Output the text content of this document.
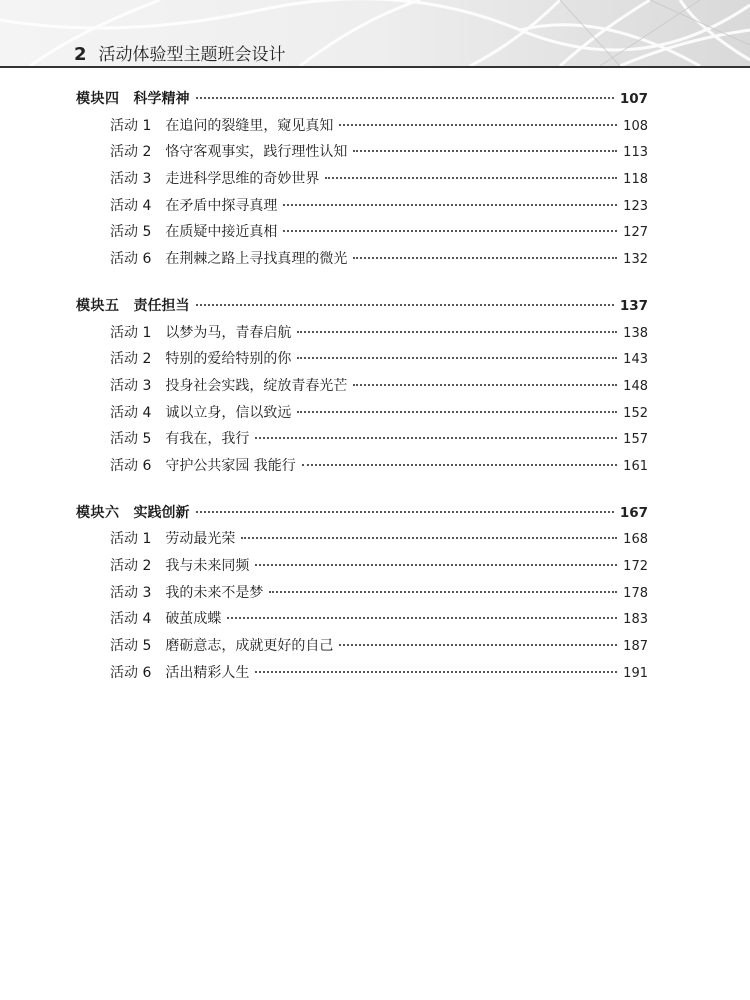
2 活动体验型主题班会设计
模块四 科学精神	107
活动 1 在追问的裂缝里，窥见真知	108
活动 2 恪守客观事实，践行理性认知	113
活动 3 走进科学思维的奇妙世界	118
活动 4 在矛盾中探寻真理	123
活动 5 在质疑中接近真相	127
活动 6 在荆棘之路上寻找真理的微光	132
模块五 责任担当	137
活动 1 以梦为马，青春启航	138
活动 2 特别的爱给特别的你	143
活动 3 投身社会实践，绽放青春光芒	148
活动 4 诚以立身，信以致远	152
活动 5 有我在，我行	157
活动 6 守护公共家园 我能行	161
模块六 实践创新	167
活动 1 劳动最光荣	168
活动 2 我与未来同频	172
活动 3 我的未来不是梦	178
活动 4 破茧成蝶	183
活动 5 磨砺意志，成就更好的自己	187
活动 6 活出精彩人生	191
